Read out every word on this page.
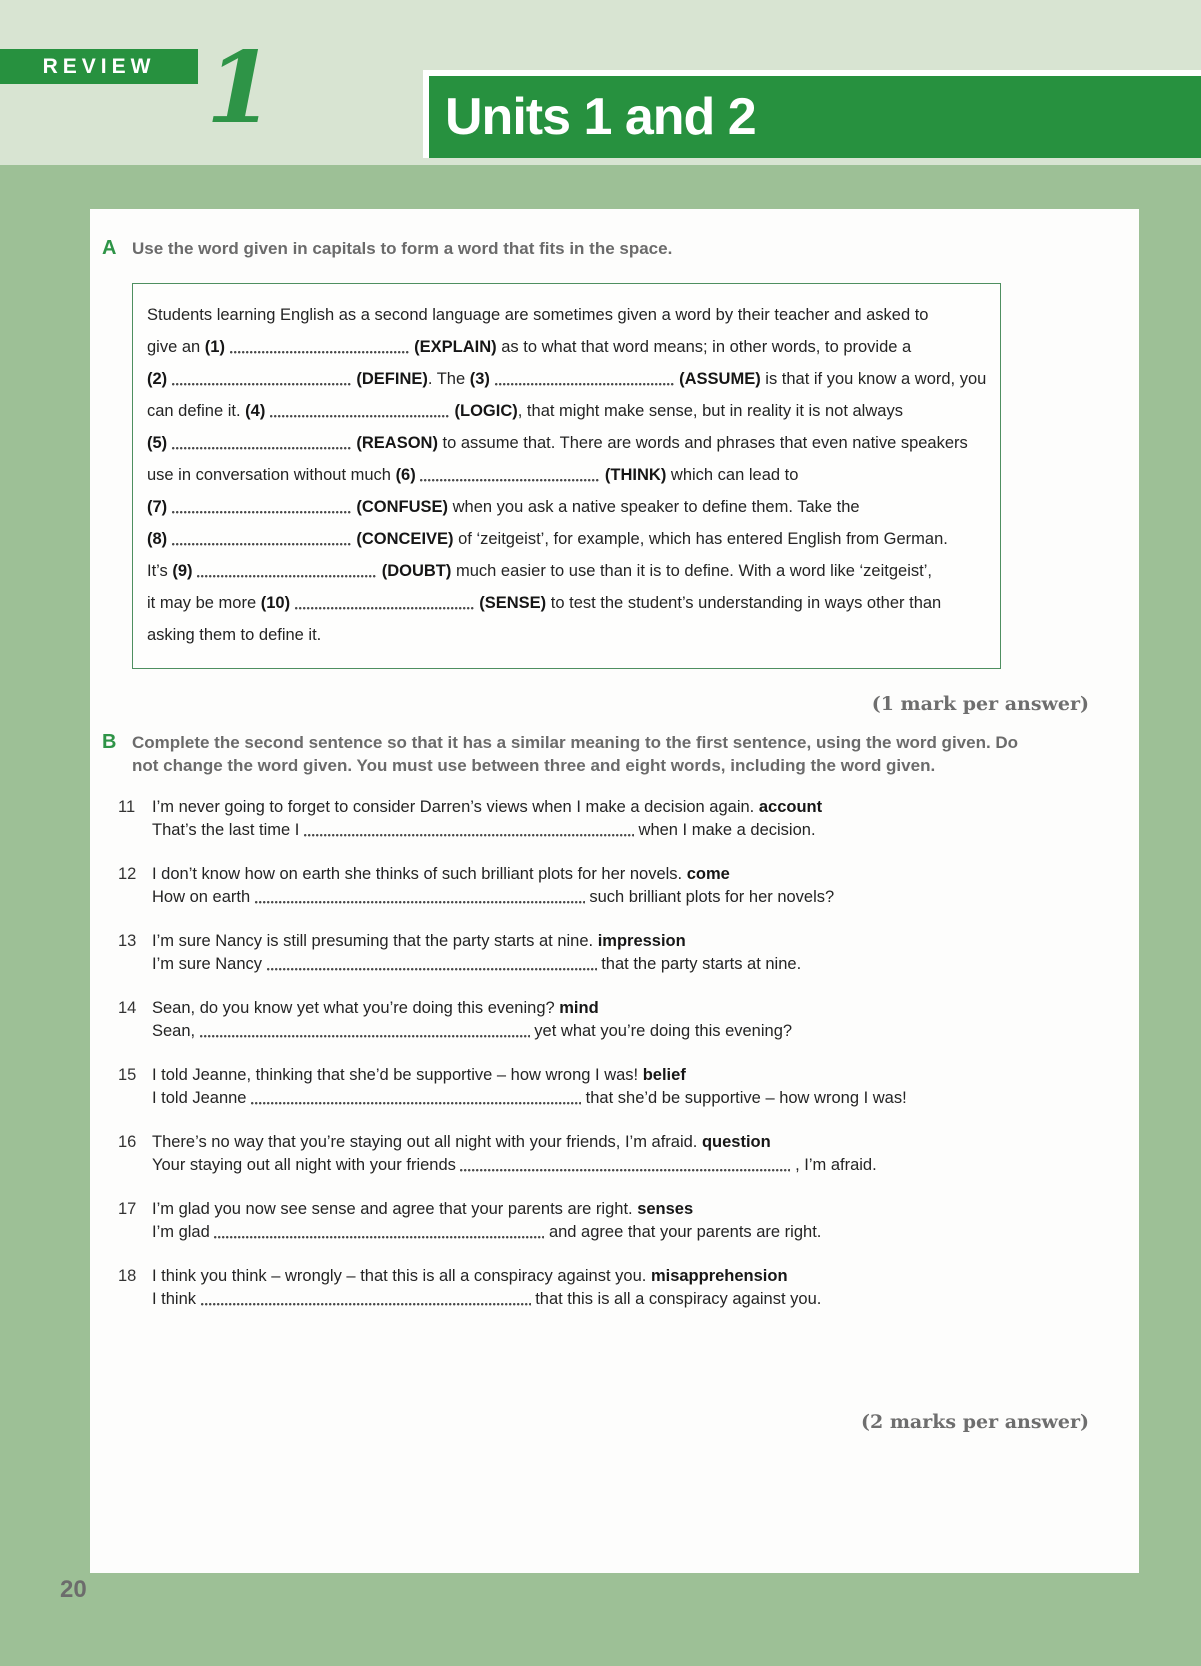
REVIEW 1	Units 1 and 2
A Use the word given in capitals to form a word that fits in the space.
Students learning English as a second language are sometimes given a word by their teacher and asked to
give an (1)	(EXPLAIN) as to what that word means; in other words, to provide a
(2)	(DEFINE). The (3)	(ASSUME) is that if you know a word, you
can define it. (4)	(LOGIC), that might make sense, but in reality it is not always
(5)	(REASON) to assume that. There are words and phrases that even native speakers
use in conversation without much (6)	(THINK) which can lead to
(7)	(CONFUSE) when you ask a native speaker to define them. Take the
(8)	(CONCEIVE) of ‘zeitgeist’, for example, which has entered English from German.
It’s (9)	(DOUBT) much easier to use than it is to define. With a word like ‘zeitgeist’,
it may be more (10)	(SENSE) to test the student’s understanding in ways other than
asking them to define it.
(1 mark per answer)
B Complete the second sentence so that it has a similar meaning to the first sentence, using the word given. Do not change the word given. You must use between three and eight words, including the word given.
11	I’m never going to forget to consider Darren’s views when I make a decision again. account
That’s the last time I	when I make a decision.
12 I don’t know how on earth she thinks of such brilliant plots for her novels. come
How on earth	such brilliant plots for her novels?
13 I’m sure Nancy is still presuming that the party starts at nine. impression
I’m sure Nancy	that the party starts at nine.
14 Sean, do you know yet what you’re doing this evening? mind
Sean,	yet what you’re doing this evening?
15 I told Jeanne, thinking that she’d be supportive – how wrong I was! belief
I told Jeanne	that she’d be supportive – how wrong I was!
16 There’s no way that you’re staying out all night with your friends, I’m afraid. question
Your staying out all night with your friends	, I’m afraid.
17 I’m glad you now see sense and agree that your parents are right. senses
I’m glad	and agree that your parents are right.
18 I think you think – wrongly – that this is all a conspiracy against you. misapprehension
I think	that this is all a conspiracy against you.
(2 marks per answer)
20
